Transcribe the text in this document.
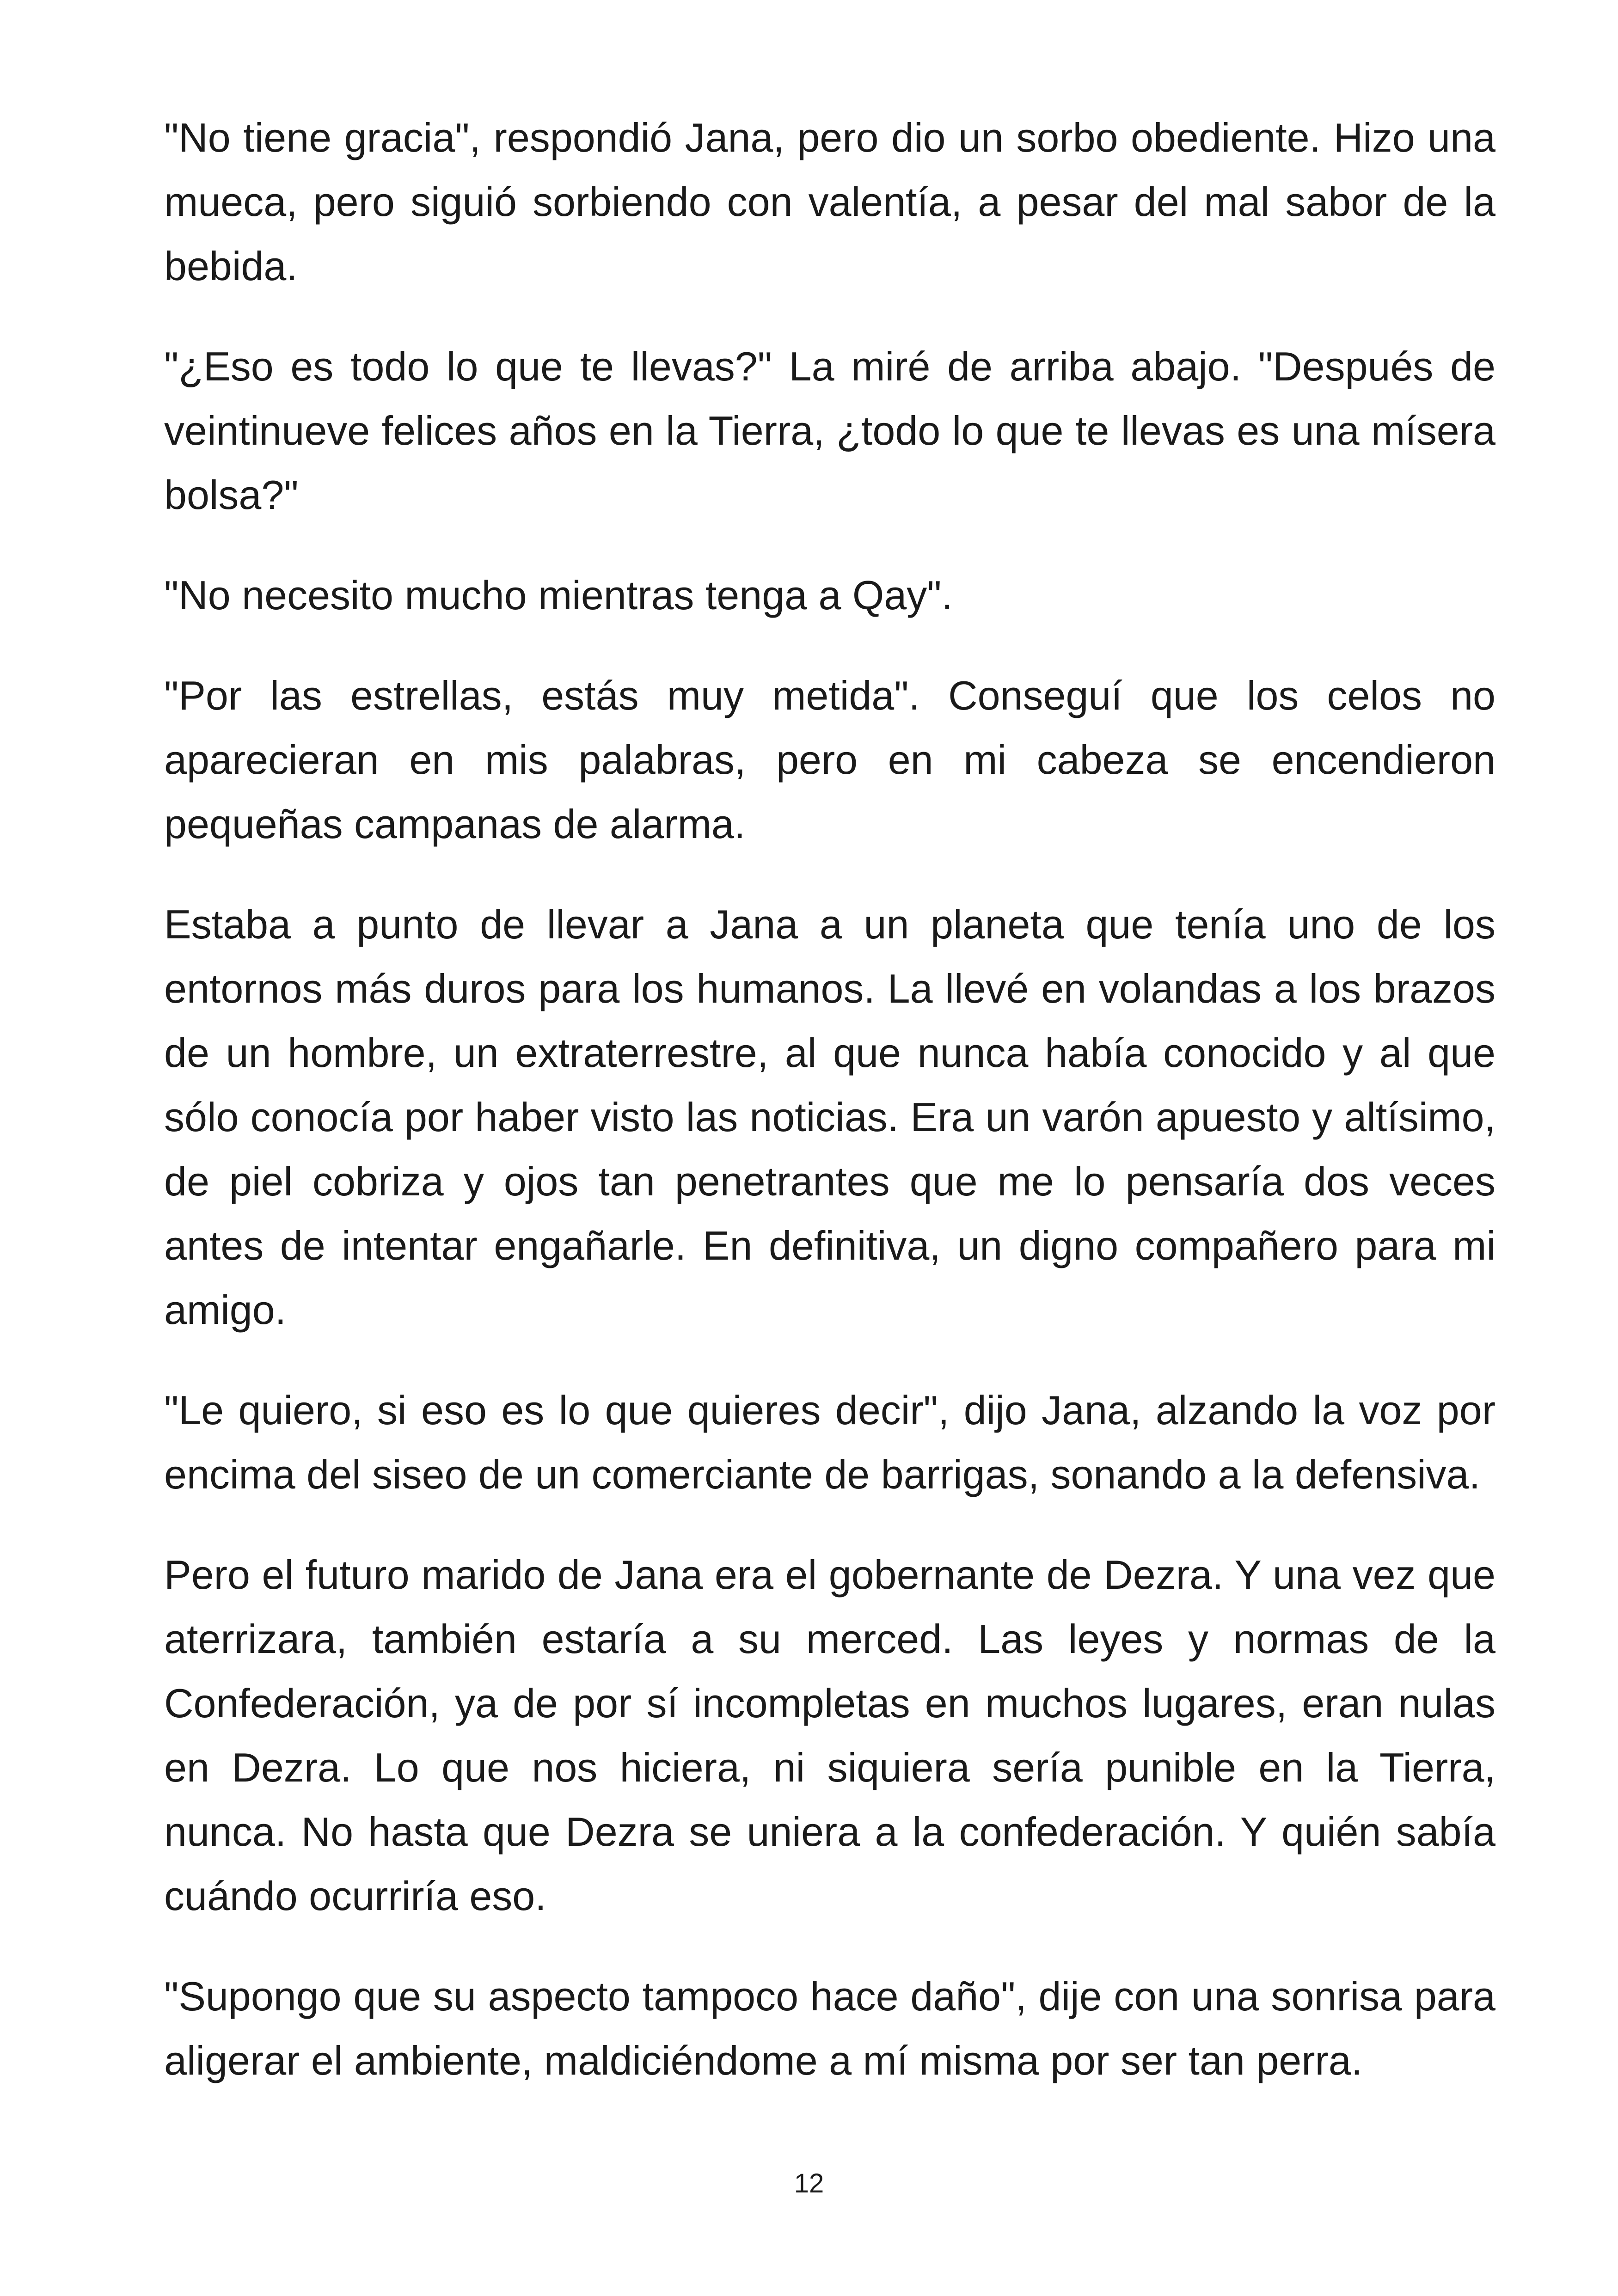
"No tiene gracia", respondió Jana, pero dio un sorbo obediente. Hizo una mueca, pero siguió sorbiendo con valentía, a pesar del mal sabor de la bebida.

"¿Eso es todo lo que te llevas?" La miré de arriba abajo. "Después de veintinueve felices años en la Tierra, ¿todo lo que te llevas es una mísera bolsa?"

"No necesito mucho mientras tenga a Qay".

"Por las estrellas, estás muy metida". Conseguí que los celos no aparecieran en mis palabras, pero en mi cabeza se encendieron pequeñas campanas de alarma.

Estaba a punto de llevar a Jana a un planeta que tenía uno de los entornos más duros para los humanos. La llevé en volandas a los brazos de un hombre, un extraterrestre, al que nunca había conocido y al que sólo conocía por haber visto las noticias. Era un varón apuesto y altísimo, de piel cobriza y ojos tan penetrantes que me lo pensaría dos veces antes de intentar engañarle. En definitiva, un digno compañero para mi amigo.

"Le quiero, si eso es lo que quieres decir", dijo Jana, alzando la voz por encima del siseo de un comerciante de barrigas, sonando a la defensiva.

Pero el futuro marido de Jana era el gobernante de Dezra. Y una vez que aterrizara, también estaría a su merced. Las leyes y normas de la Confederación, ya de por sí incompletas en muchos lugares, eran nulas en Dezra. Lo que nos hiciera, ni siquiera sería punible en la Tierra, nunca. No hasta que Dezra se uniera a la confederación. Y quién sabía cuándo ocurriría eso.

"Supongo que su aspecto tampoco hace daño", dije con una sonrisa para aligerar el ambiente, maldiciéndome a mí misma por ser tan perra.

12
